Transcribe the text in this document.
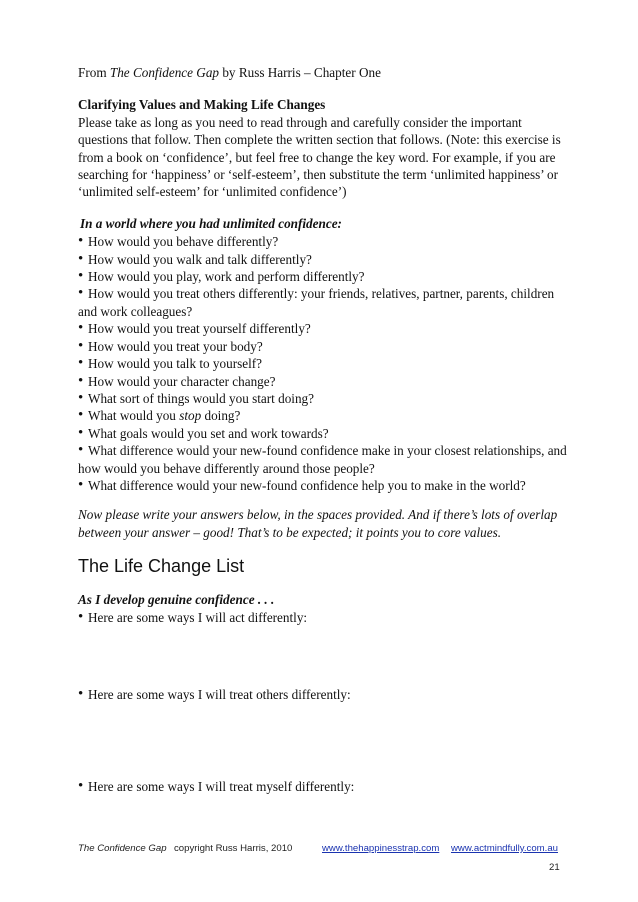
From The Confidence Gap by Russ Harris – Chapter One

Clarifying Values and Making Life Changes

Please take as long as you need to read through and carefully consider the important questions that follow. Then complete the written section that follows. (Note: this exercise is from a book on ‘confidence’, but feel free to change the key word. For example, if you are searching for ‘happiness’ or ‘self-esteem’, then substitute the term ‘unlimited happiness’ or ‘unlimited self-esteem’ for ‘unlimited confidence’)

In a world where you had unlimited confidence:

• How would you behave differently?

• How would you walk and talk differently?

• How would you play, work and perform differently?

• How would you treat others differently: your friends, relatives, partner, parents, children and work colleagues?

• How would you treat yourself differently?

• How would you treat your body?

• How would you talk to yourself?

• How would your character change?

• What sort of things would you start doing?

• What would you stop doing?

• What goals would you set and work towards?

• What difference would your new-found confidence make in your closest relationships, and how would you behave differently around those people?

• What difference would your new-found confidence help you to make in the world?

Now please write your answers below, in the spaces provided. And if there’s lots of overlap between your answer – good! That’s to be expected; it points you to core values.

The Life Change List

As I develop genuine confidence . . .

• Here are some ways I will act differently:

• Here are some ways I will treat others differently:

• Here are some ways I will treat myself differently:

The Confidence Gap copyright Russ Harris, 2010	www.thehappinesstrap.com www.actmindfully.com.au
21
